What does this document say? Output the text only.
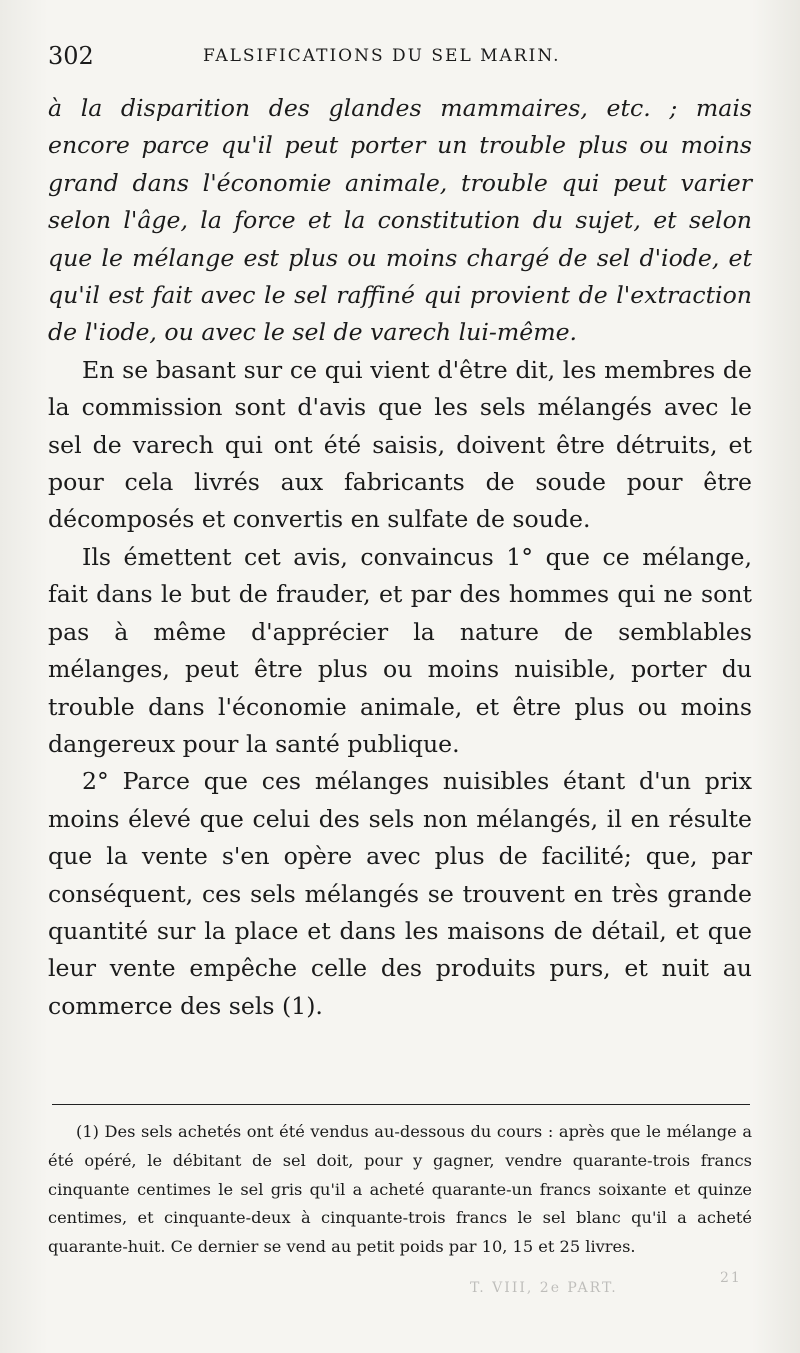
302	FALSIFICATIONS DU SEL MARIN.

à la disparition des glandes mammaires, etc. ; mais encore parce qu'il peut porter un trouble plus ou moins grand dans l'économie animale, trouble qui peut varier selon l'âge, la force et la constitution du sujet, et selon que le mélange est plus ou moins chargé de sel d'iode, et qu'il est fait avec le sel raffiné qui provient de l'extraction de l'iode, ou avec le sel de varech lui-même.

En se basant sur ce qui vient d'être dit, les membres de la commission sont d'avis que les sels mélangés avec le sel de varech qui ont été saisis, doivent être détruits, et pour cela livrés aux fabricants de soude pour être décomposés et convertis en sulfate de soude.

Ils émettent cet avis, convaincus 1° que ce mélange, fait dans le but de frauder, et par des hommes qui ne sont pas à même d'apprécier la nature de semblables mélanges, peut être plus ou moins nuisible, porter du trouble dans l'économie animale, et être plus ou moins dangereux pour la santé publique.

2° Parce que ces mélanges nuisibles étant d'un prix moins élevé que celui des sels non mélangés, il en résulte que la vente s'en opère avec plus de facilité; que, par conséquent, ces sels mélangés se trouvent en très grande quantité sur la place et dans les maisons de détail, et que leur vente empêche celle des produits purs, et nuit au commerce des sels (1).

(1) Des sels achetés ont été vendus au-dessous du cours : après que le mélange a été opéré, le débitant de sel doit, pour y gagner, vendre quarante-trois francs cinquante centimes le sel gris qu'il a acheté quarante-un francs soixante et quinze centimes, et cinquante-deux à cinquante-trois francs le sel blanc qu'il a acheté quarante-huit. Ce dernier se vend au petit poids par 10, 15 et 25 livres.

T. VIII, 2e PART.
21
